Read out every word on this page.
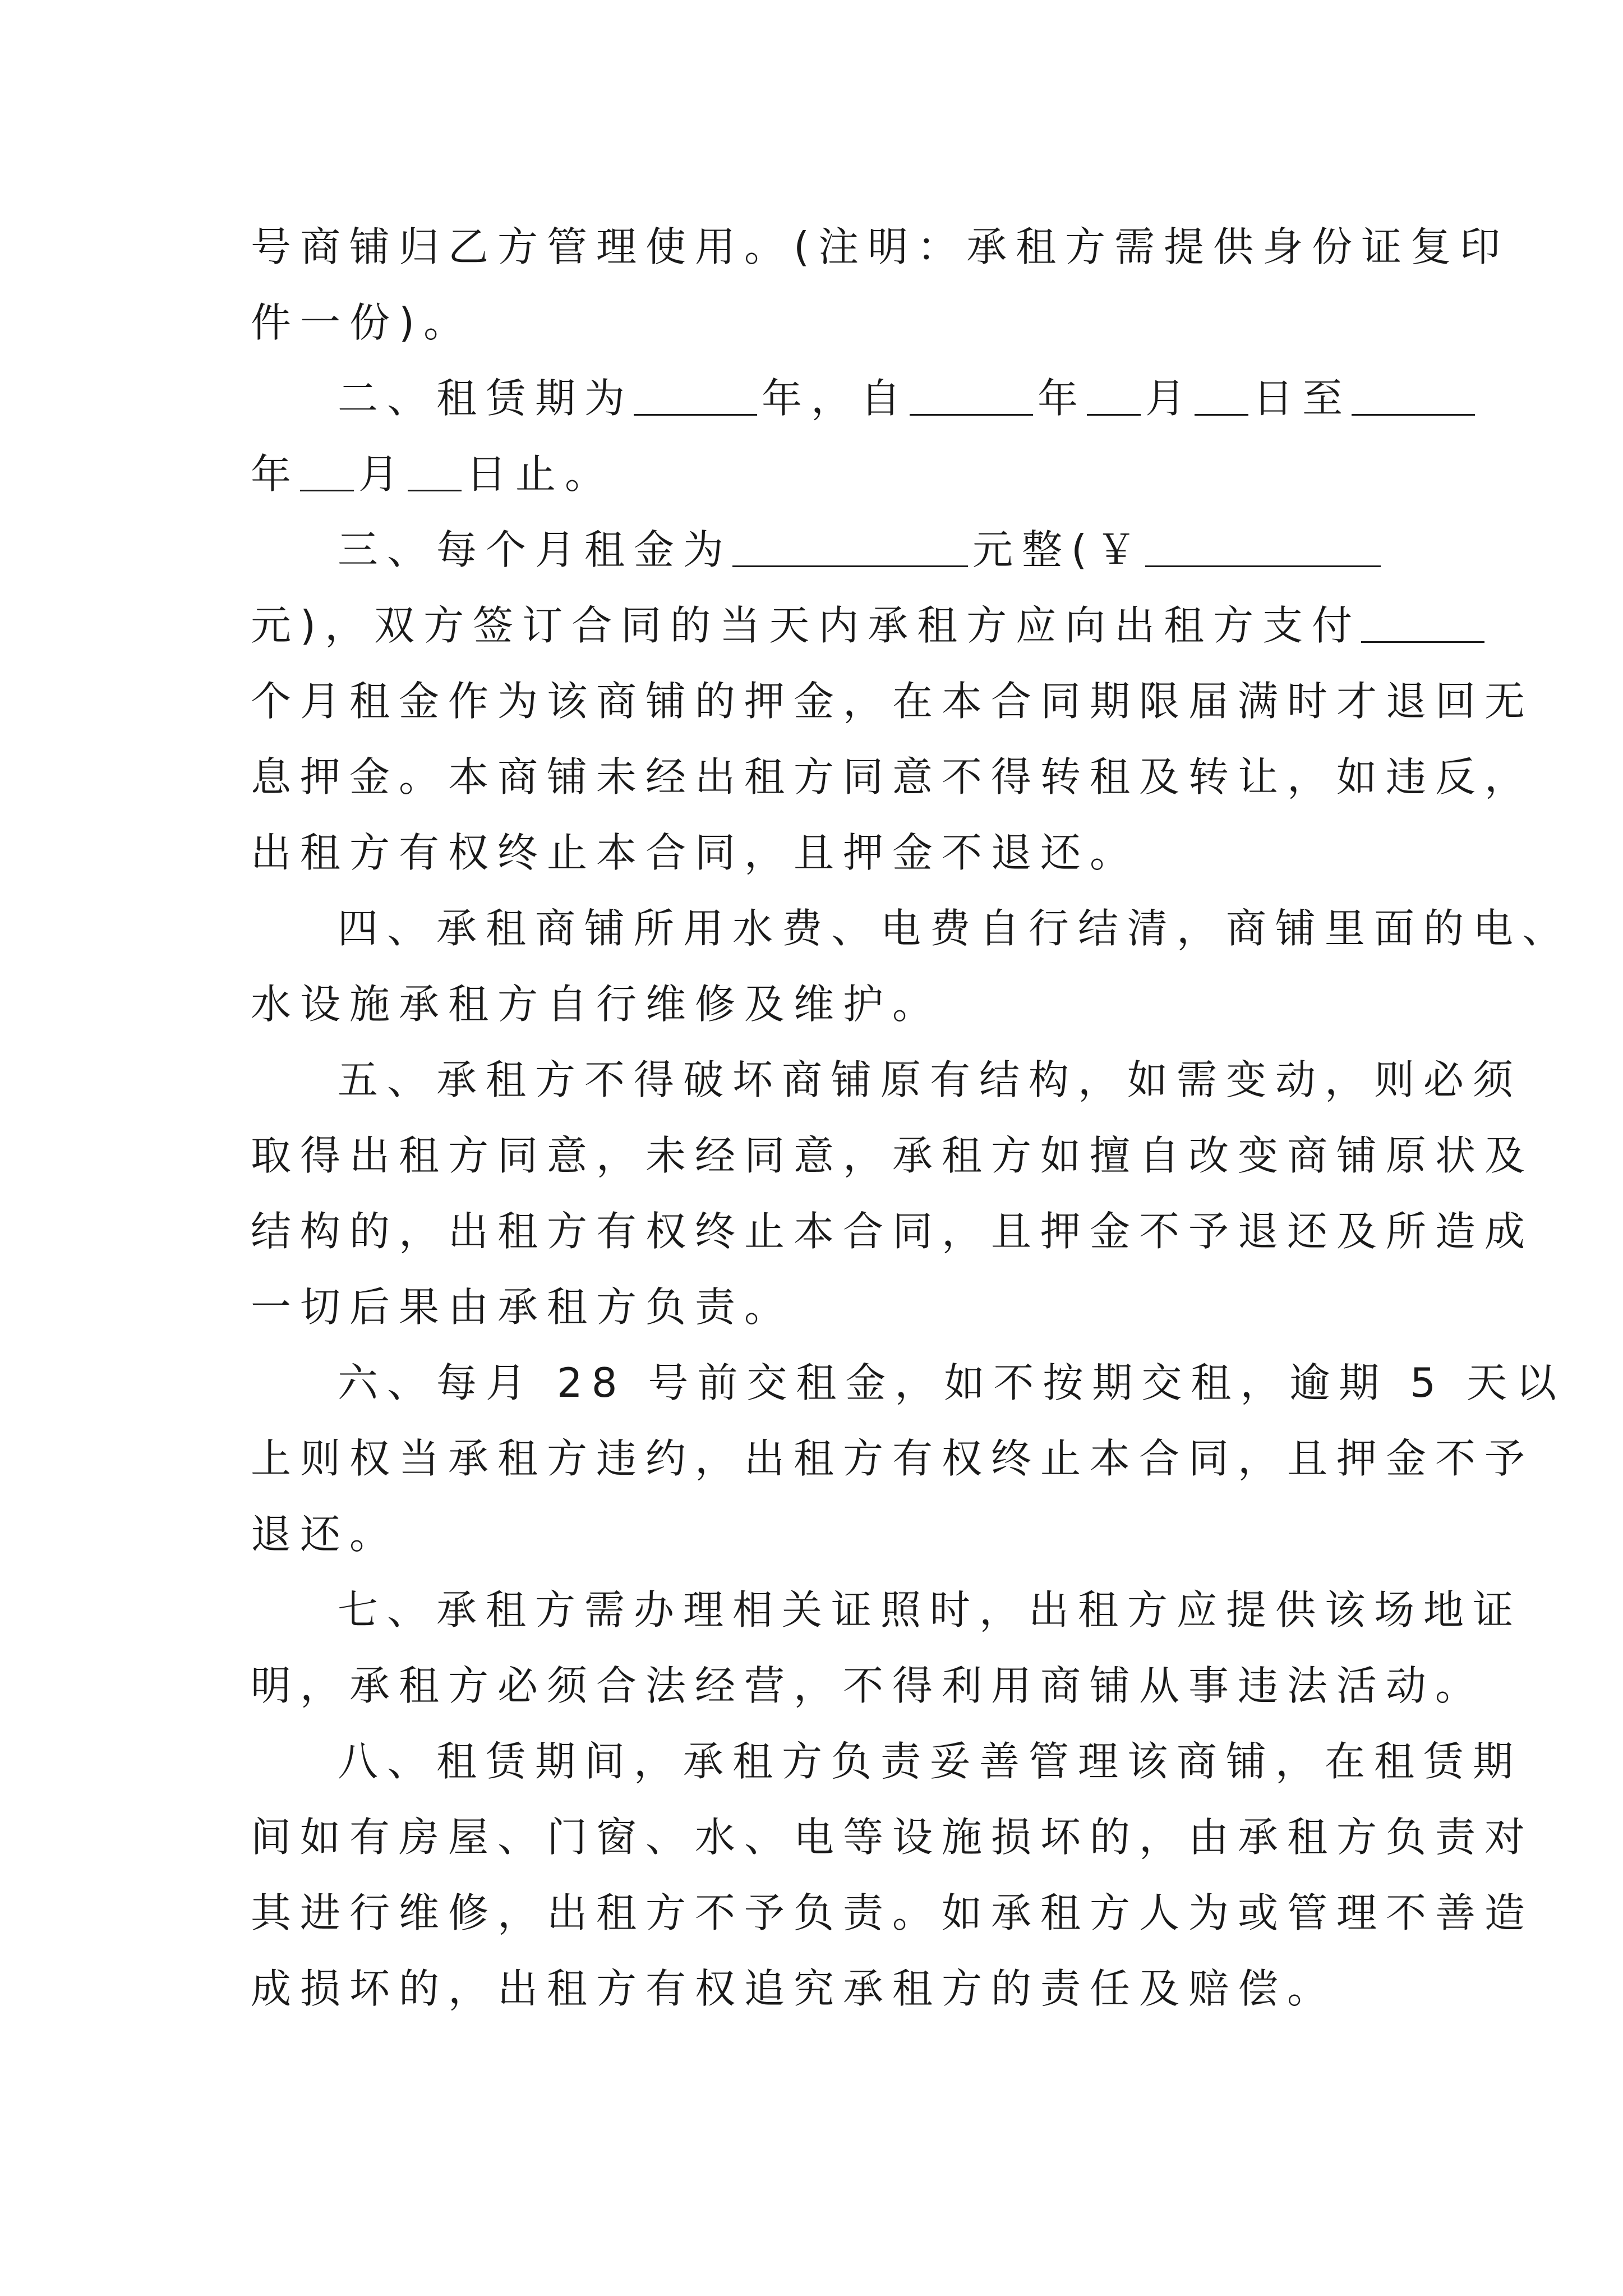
号商铺归乙方管理使用。(注明：承租方需提供身份证复印
件一份)。
二、租赁期为	年，自	年 月 日至
年 月 日止。
三、每个月租金为	元整(￥
元)，双方签订合同的当天内承租方应向出租方支付
个月租金作为该商铺的押金，在本合同期限届满时才退回无
息押金。本商铺未经出租方同意不得转租及转让，如违反，
出租方有权终止本合同，且押金不退还。
四、承租商铺所用水费、电费自行结清，商铺里面的电、
水设施承租方自行维修及维护。
五、承租方不得破坏商铺原有结构，如需变动，则必须
取得出租方同意，未经同意，承租方如擅自改变商铺原状及
结构的，出租方有权终止本合同，且押金不予退还及所造成
一切后果由承租方负责。
六、每月 28 号前交租金，如不按期交租，逾期 5 天以
上则权当承租方违约，出租方有权终止本合同，且押金不予
退还。
七、承租方需办理相关证照时，出租方应提供该场地证
明，承租方必须合法经营，不得利用商铺从事违法活动。
八、租赁期间，承租方负责妥善管理该商铺，在租赁期
间如有房屋、门窗、水、电等设施损坏的，由承租方负责对
其进行维修，出租方不予负责。如承租方人为或管理不善造
成损坏的，出租方有权追究承租方的责任及赔偿。
